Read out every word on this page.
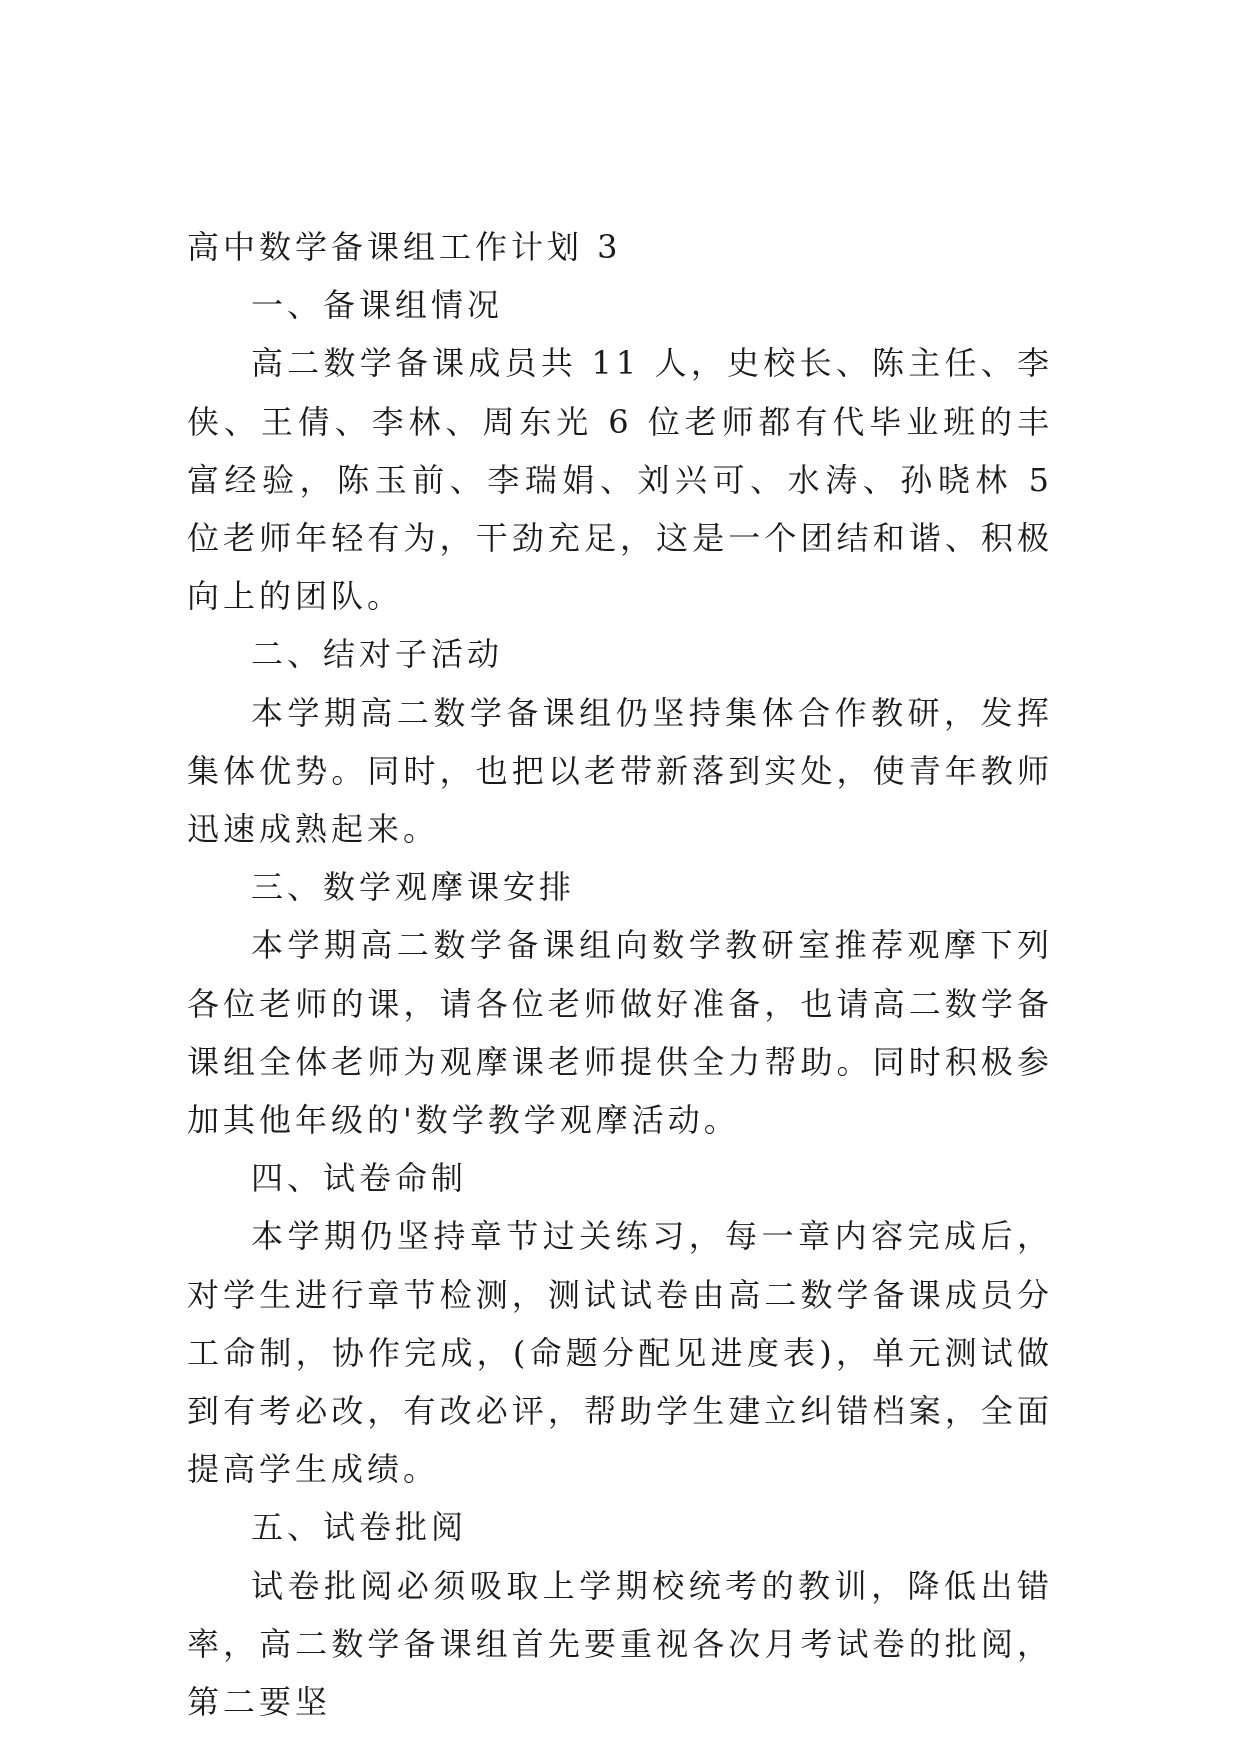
高中数学备课组工作计划 3

一、备课组情况

高二数学备课成员共 11 人，史校长、陈主任、李侠、王倩、李林、周东光 6 位老师都有代毕业班的丰富经验，陈玉前、李瑞娟、刘兴可、水涛、孙晓林 5 位老师年轻有为，干劲充足，这是一个团结和谐、积极向上的团队。

二、结对子活动

本学期高二数学备课组仍坚持集体合作教研，发挥集体优势。同时，也把以老带新落到实处，使青年教师迅速成熟起来。

三、数学观摩课安排

本学期高二数学备课组向数学教研室推荐观摩下列各位老师的课，请各位老师做好准备，也请高二数学备课组全体老师为观摩课老师提供全力帮助。同时积极参加其他年级的'数学教学观摩活动。

四、试卷命制

本学期仍坚持章节过关练习，每一章内容完成后，对学生进行章节检测，测试试卷由高二数学备课成员分工命制，协作完成，(命题分配见进度表)，单元测试做到有考必改，有改必评，帮助学生建立纠错档案，全面提高学生成绩。

五、试卷批阅

试卷批阅必须吸取上学期校统考的教训，降低出错率，高二数学备课组首先要重视各次月考试卷的批阅，第二要坚
